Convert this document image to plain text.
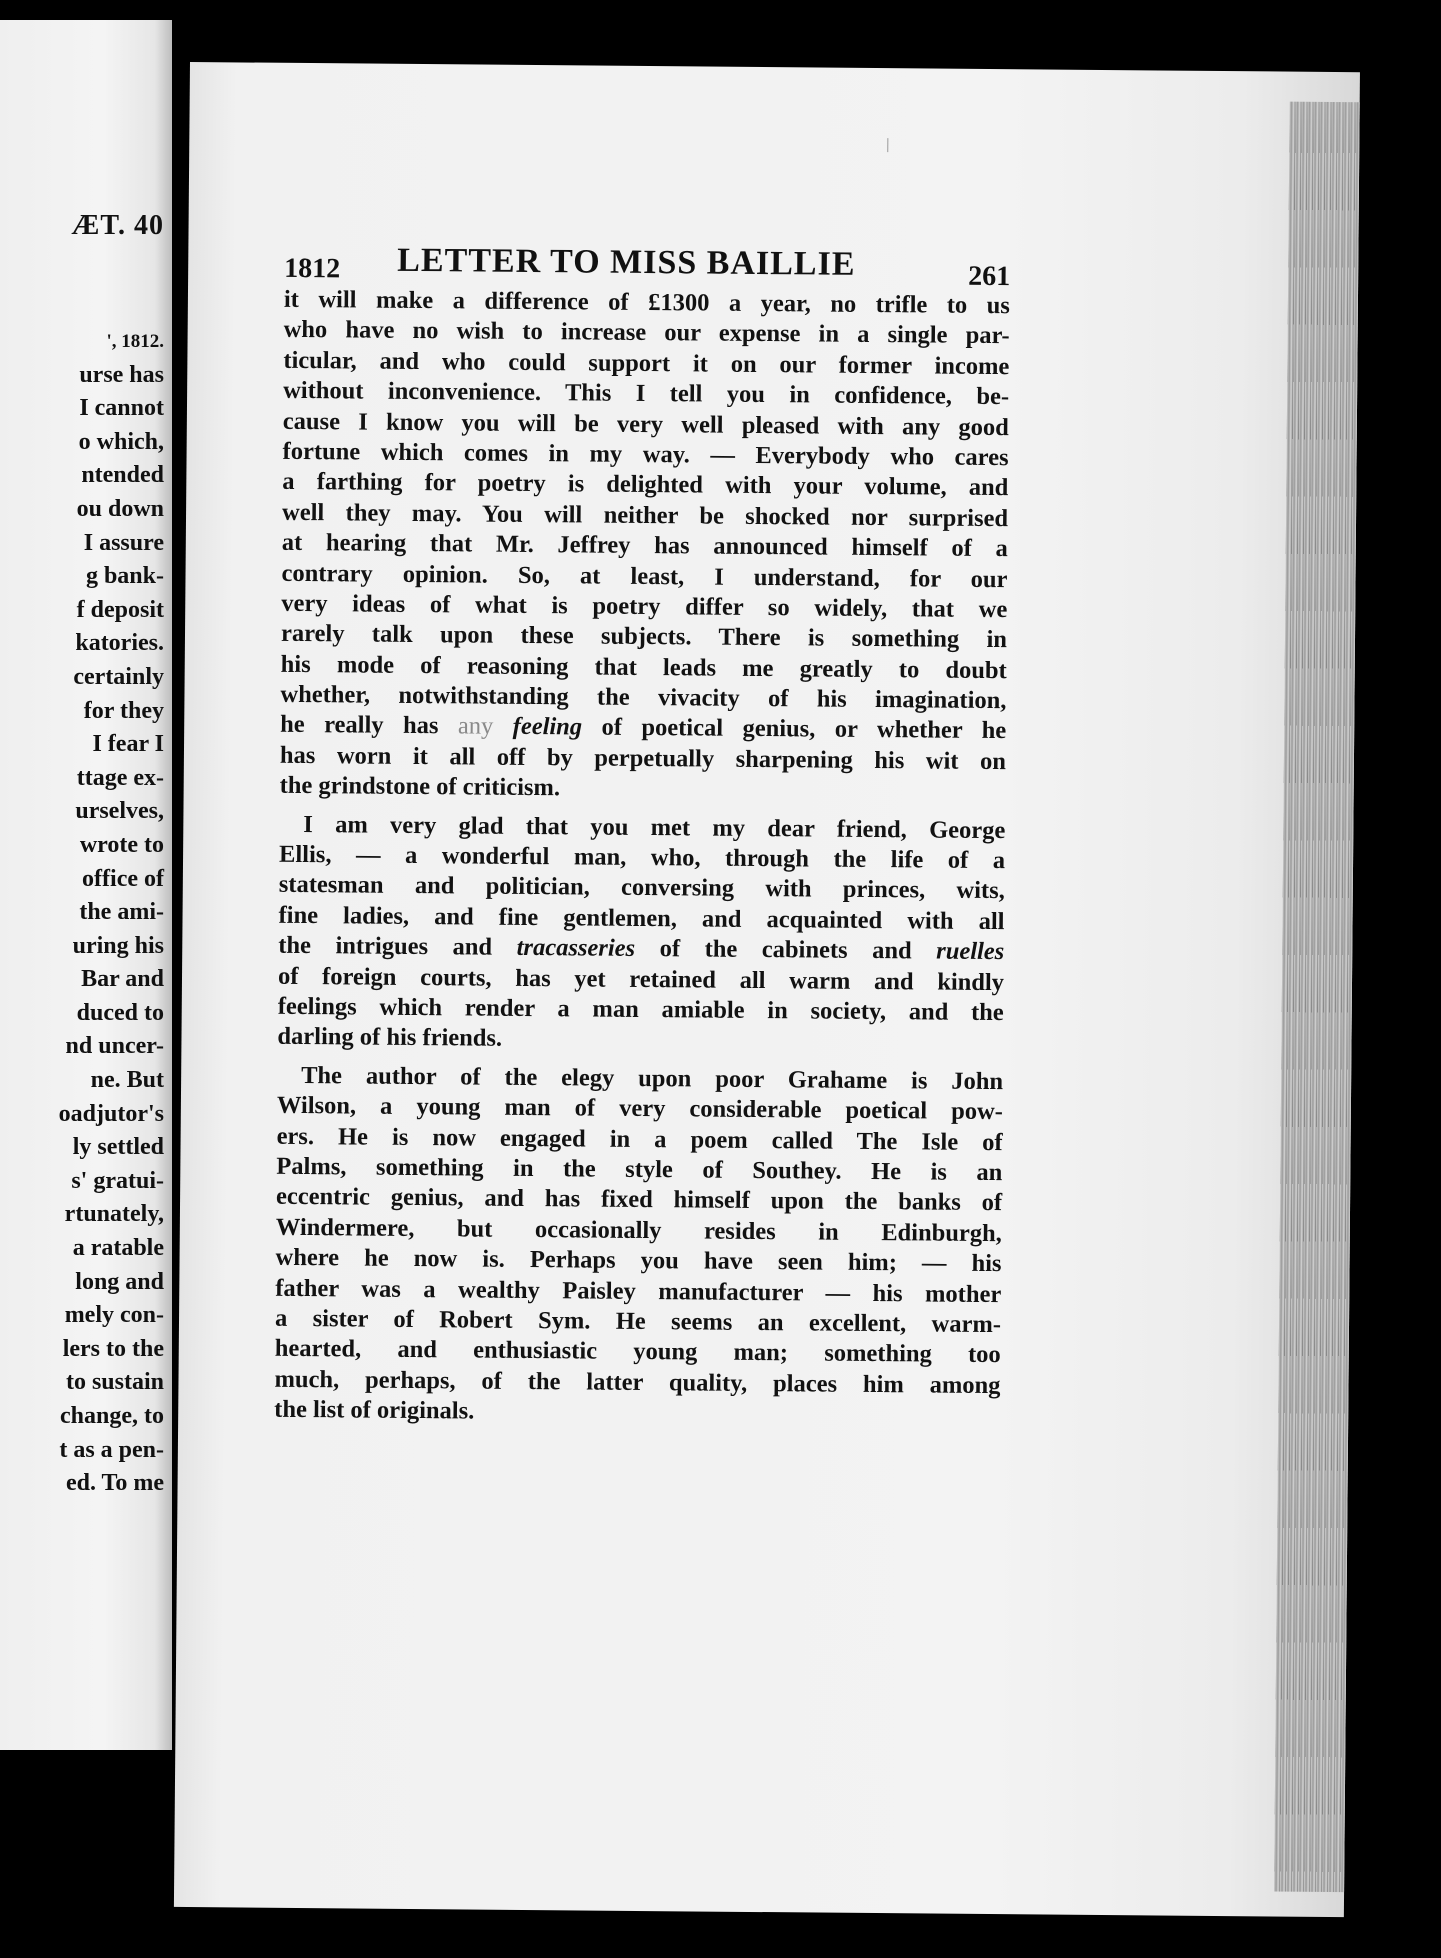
ÆT. 40
', 1812.
urse has
I cannot
o which,
ntended
ou down
I assure
g bank-
f deposit
katories.
certainly
for they
I fear I
ttage ex-
urselves,
wrote to
office of
the ami-
uring his
Bar and
duced to
nd uncer-
ne. But
oadjutor's
ly settled
s' gratui-
rtunately,
a ratable
long and
mely con-
lers to the
to sustain
change, to
t as a pen-
ed. To me
1812 LETTER TO MISS BAILLIE	261
it will make a difference of £1300 a year, no trifle to us
who have no wish to increase our expense in a single par-
ticular, and who could support it on our former income
without inconvenience. This I tell you in confidence, be-
cause I know you will be very well pleased with any good
fortune which comes in my way. — Everybody who cares
a farthing for poetry is delighted with your volume, and
well they may. You will neither be shocked nor surprised
at hearing that Mr. Jeffrey has announced himself of a
contrary opinion. So, at least, I understand, for our
very ideas of what is poetry differ so widely, that we
rarely talk upon these subjects. There is something in
his mode of reasoning that leads me greatly to doubt
whether, notwithstanding the vivacity of his imagination,
he really has any feeling of poetical genius, or whether he
has worn it all off by perpetually sharpening his wit on
the grindstone of criticism.
I am very glad that you met my dear friend, George
Ellis, — a wonderful man, who, through the life of a
statesman and politician, conversing with princes, wits,
fine ladies, and fine gentlemen, and acquainted with all
the intrigues and tracasseries of the cabinets and ruelles
of foreign courts, has yet retained all warm and kindly
feelings which render a man amiable in society, and the
darling of his friends.
The author of the elegy upon poor Grahame is John
Wilson, a young man of very considerable poetical pow-
ers. He is now engaged in a poem called The Isle of
Palms, something in the style of Southey. He is an
eccentric genius, and has fixed himself upon the banks of
Windermere, but occasionally resides in Edinburgh,
where he now is. Perhaps you have seen him; — his
father was a wealthy Paisley manufacturer — his mother
a sister of Robert Sym. He seems an excellent, warm-
hearted, and enthusiastic young man; something too
much, perhaps, of the latter quality, places him among
the list of originals.
